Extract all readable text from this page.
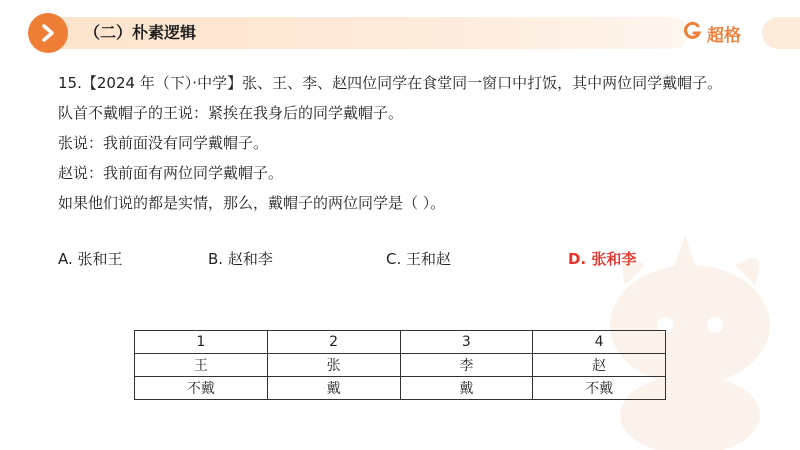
（二）朴素逻辑	超格
15.【2024 年（下）·中学】张、王、李、赵四位同学在食堂同一窗口中打饭，其中两位同学戴帽子。
队首不戴帽子的王说：紧挨在我身后的同学戴帽子。
张说：我前面没有同学戴帽子。
赵说：我前面有两位同学戴帽子。
如果他们说的都是实情，那么，戴帽子的两位同学是（ ）。
A. 张和王	B. 赵和李	C. 王和赵	D. 张和李
1	2	3	4
王	张	李	赵
不戴	戴	戴	不戴
